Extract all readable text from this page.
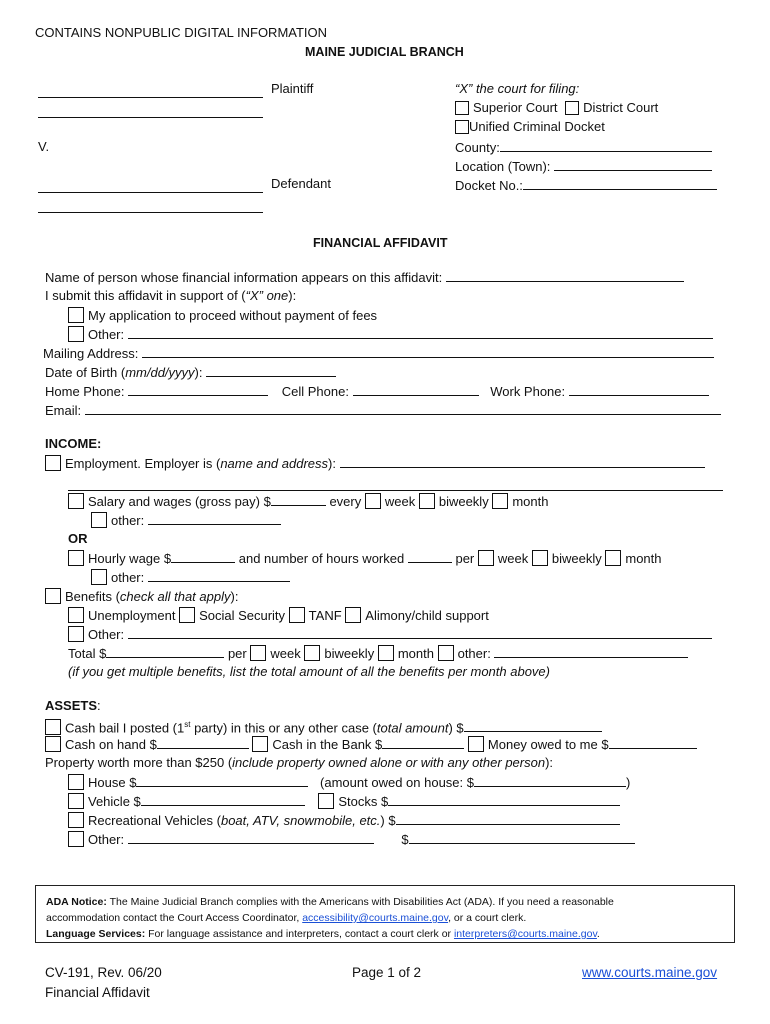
CONTAINS NONPUBLIC DIGITAL INFORMATION
MAINE JUDICIAL BRANCH
Plaintiff
V.
Defendant
“X” the court for filing:
Superior Court District Court
Unified Criminal Docket
County:
Location (Town):
Docket No.:
FINANCIAL AFFIDAVIT
Name of person whose financial information appears on this affidavit:
I submit this affidavit in support of (“X” one):
My application to proceed without payment of fees
Other:
Mailing Address:
Date of Birth (mm/dd/yyyy):
Home Phone:	Cell Phone:	Work Phone:
Email:
INCOME:
Employment. Employer is (name and address):
Salary and wages (gross pay) $	every week biweekly month
other:
OR
Hourly wage $	and number of hours worked	per week biweekly month
other:
Benefits (check all that apply):
Unemployment Social Security TANF Alimony/child support
Other:
Total $	per week biweekly month other:
(if you get multiple benefits, list the total amount of all the benefits per month above)
ASSETS:
Cash bail I posted (1st party) in this or any other case (total amount) $
Cash on hand $	Cash in the Bank $	Money owed to me $
Property worth more than $250 (include property owned alone or with any other person):
House $	(amount owed on house: $	)
Vehicle $	Stocks $
Recreational Vehicles (boat, ATV, snowmobile, etc.) $
Other:	$
ADA Notice: The Maine Judicial Branch complies with the Americans with Disabilities Act (ADA). If you need a reasonable
accommodation contact the Court Access Coordinator, accessibility@courts.maine.gov, or a court clerk.
Language Services: For language assistance and interpreters, contact a court clerk or interpreters@courts.maine.gov.
CV-191, Rev. 06/20
Financial Affidavit
Page 1 of 2	www.courts.maine.gov
